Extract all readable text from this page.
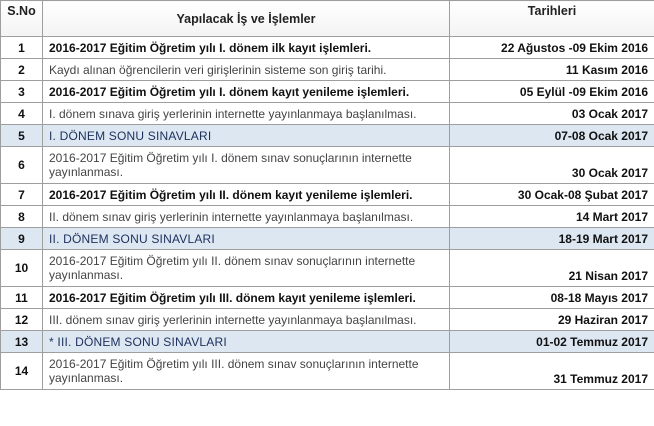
S.No	Yapılacak İş ve İşlemler	Tarihleri
1	2016-2017 Eğitim Öğretim yılı I. dönem ilk kayıt işlemleri.	22 Ağustos -09 Ekim 2016
2	Kaydı alınan öğrencilerin veri girişlerinin sisteme son giriş tarihi.	11 Kasım 2016
3	2016-2017 Eğitim Öğretim yılı I. dönem kayıt yenileme işlemleri.	05 Eylül -09 Ekim 2016
4	I. dönem sınava giriş yerlerinin internette yayınlanmaya başlanılması.	03 Ocak 2017
5	I. DÖNEM SONU SINAVLARI	07-08 Ocak 2017
6	2016-2017 Eğitim Öğretim yılı I. dönem sınav sonuçlarının internette yayınlanması.	30 Ocak 2017
7	2016-2017 Eğitim Öğretim yılı II. dönem kayıt yenileme işlemleri.	30 Ocak-08 Şubat 2017
8	II. dönem sınav giriş yerlerinin internette yayınlanmaya başlanılması.	14 Mart 2017
9	II. DÖNEM SONU SINAVLARI	18-19 Mart 2017
10	2016-2017 Eğitim Öğretim yılı II. dönem sınav sonuçlarının internette yayınlanması.	21 Nisan 2017
11	2016-2017 Eğitim Öğretim yılı III. dönem kayıt yenileme işlemleri.	08-18 Mayıs 2017
12	III. dönem sınav giriş yerlerinin internette yayınlanmaya başlanılması.	29 Haziran 2017
13	* III. DÖNEM SONU SINAVLARI	01-02 Temmuz 2017
14	2016-2017 Eğitim Öğretim yılı III. dönem sınav sonuçlarının internette yayınlanması.	31 Temmuz 2017
